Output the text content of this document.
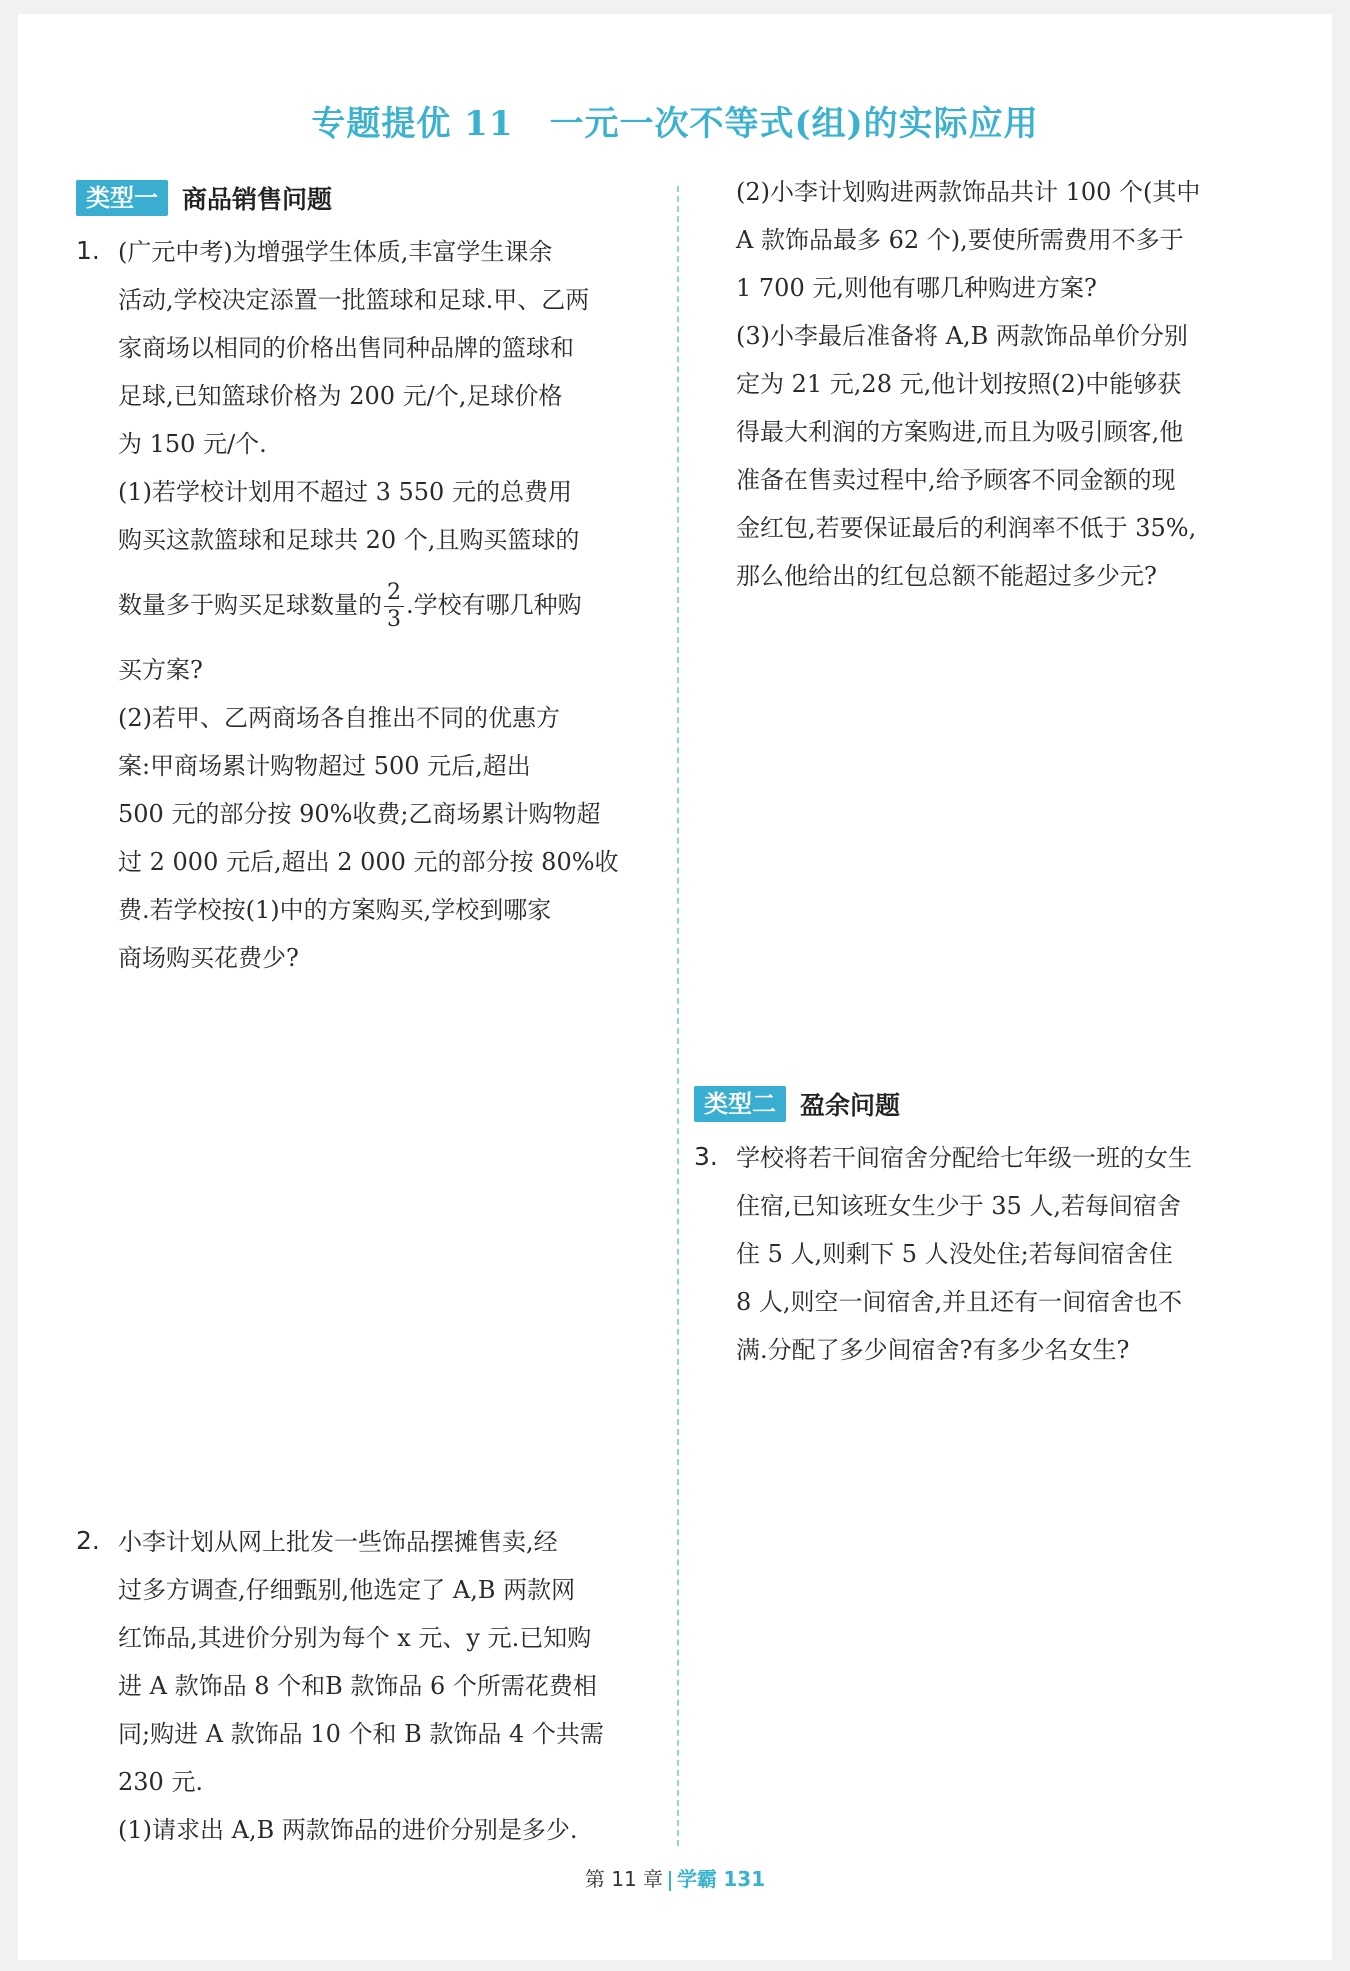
专题提优 11 一元一次不等式(组)的实际应用
类型一 商品销售问题
1. (广元中考)为增强学生体质,丰富学生课余
活动,学校决定添置一批篮球和足球.甲、乙两
家商场以相同的价格出售同种品牌的篮球和
足球,已知篮球价格为 200 元/个,足球价格
为 150 元/个.
(1)若学校计划用不超过 3 550 元的总费用
购买这款篮球和足球共 20 个,且购买篮球的
数量多于购买足球数量的 $\frac{2}{3}$ .学校有哪几种购
买方案?
(2)若甲、乙两商场各自推出不同的优惠方
案:甲商场累计购物超过 500 元后,超出
500 元的部分按 90%收费;乙商场累计购物超
过 2 000 元后,超出 2 000 元的部分按 80%收
费.若学校按(1)中的方案购买,学校到哪家
商场购买花费少?
2. 小李计划从网上批发一些饰品摆摊售卖,经
过多方调查,仔细甄别,他选定了 A,B 两款网
红饰品,其进价分别为每个 x 元、y 元.已知购
进 A 款饰品 8 个和B 款饰品 6 个所需花费相
同;购进 A 款饰品 10 个和 B 款饰品 4 个共需
230 元.
(1)请求出 A,B 两款饰品的进价分别是多少.
(2)小李计划购进两款饰品共计 100 个(其中
A 款饰品最多 62 个),要使所需费用不多于
1 700 元,则他有哪几种购进方案?
(3)小李最后准备将 A,B 两款饰品单价分别
定为 21 元,28 元,他计划按照(2)中能够获
得最大利润的方案购进,而且为吸引顾客,他
准备在售卖过程中,给予顾客不同金额的现
金红包,若要保证最后的利润率不低于 35%,
那么他给出的红包总额不能超过多少元?
类型二 盈余问题
3. 学校将若干间宿舍分配给七年级一班的女生
住宿,已知该班女生少于 35 人,若每间宿舍
住 5 人,则剩下 5 人没处住;若每间宿舍住
8 人,则空一间宿舍,并且还有一间宿舍也不
满.分配了多少间宿舍?有多少名女生?
第 11 章 学霸 131
